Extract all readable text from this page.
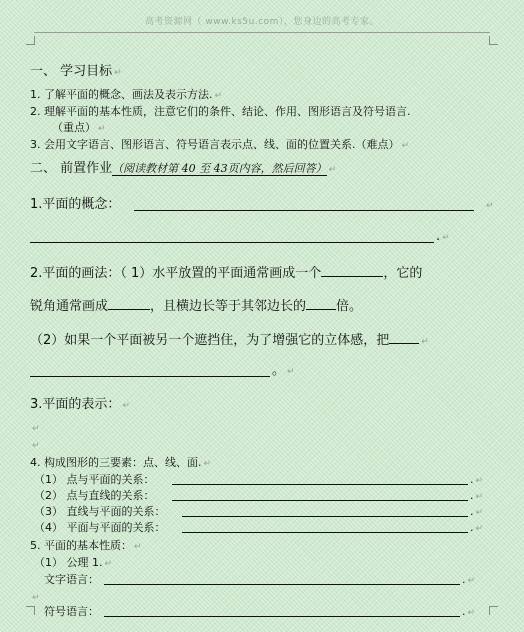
高考资源网（ www.ks5u.com），您身边的高考专家。
一、 学习目标 ↵
1. 了解平面的概念、画法及表示方法. ↵
2. 理解平面的基本性质，注意它们的条件、结论、作用、图形语言及符号语言.
（重点） ↵
3. 会用文字语言、图形语言、符号语言表示点、线、面的位置关系.（难点） ↵
二、 前置作业（阅读教材第 40 至 43页内容，然后回答） ↵
1.平面的概念：	↵
. ↵
2.平面的画法：（ 1）水平放置的平面通常画成一个	，它的
锐角通常画成	，且横边长等于其邻边长的 倍。
（2）如果一个平面被另一个遮挡住，为了增强它的立体感，把	↵
。 ↵
3.平面的表示： ↵
↵
↵
4. 构成图形的三要素：点、线、面. ↵
（1） 点与平面的关系：	. ↵
（2） 点与直线的关系：	. ↵
（3） 直线与平面的关系：	. ↵
（4） 平面与平面的关系：	. ↵
5. 平面的基本性质： ↵
（1） 公理 1. ↵
文字语言：	. ↵
↵
符号语言：	. ↵
